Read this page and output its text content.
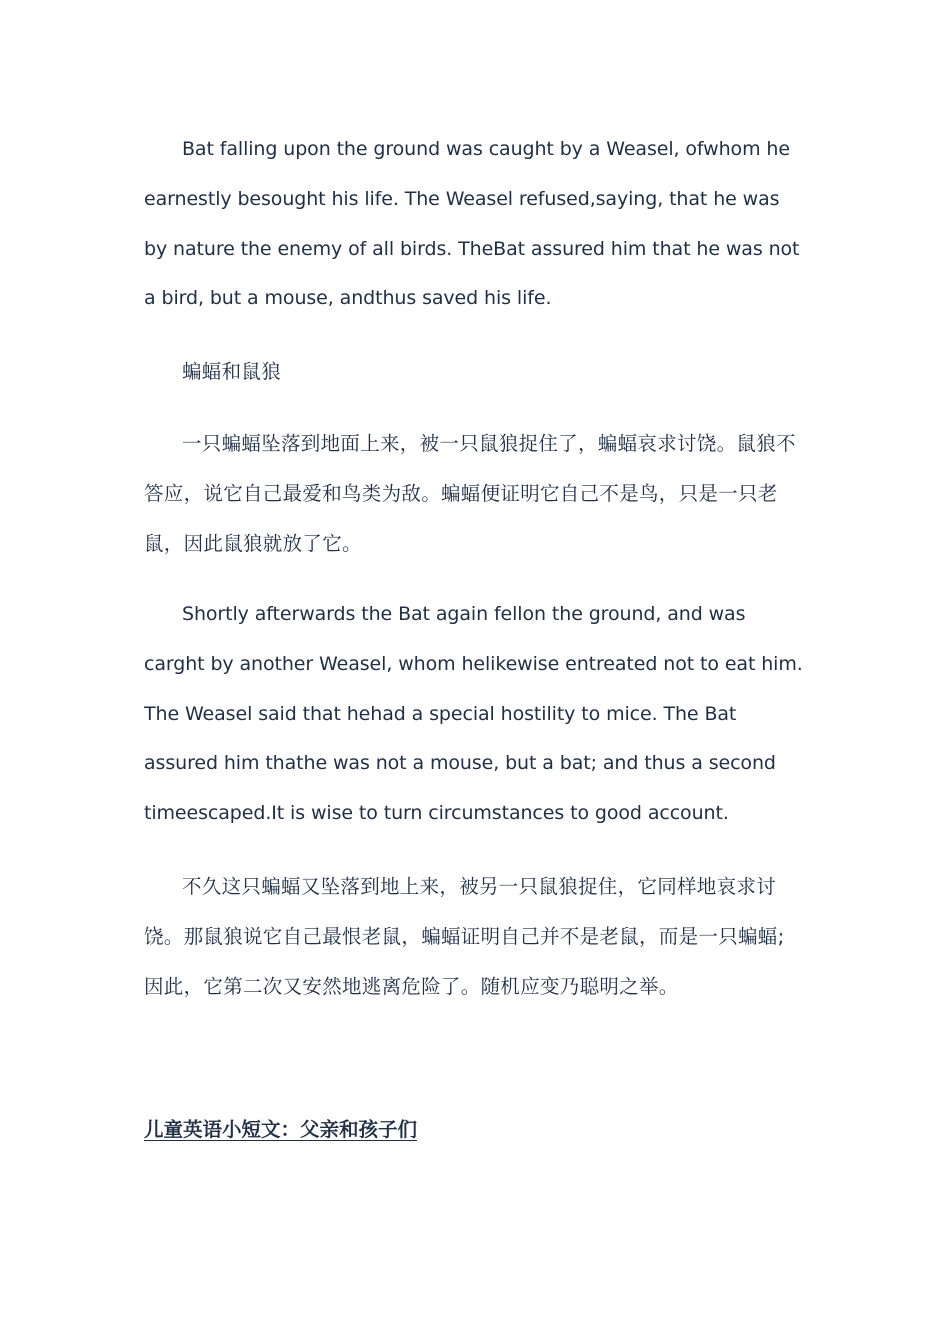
Bat falling upon the ground was caught by a Weasel, ofwhom he earnestly besought his life. The Weasel refused,saying, that he was by nature the enemy of all birds. TheBat assured him that he was not a bird, but a mouse, andthus saved his life.

蝙蝠和鼠狼

一只蝙蝠坠落到地面上来，被一只鼠狼捉住了，蝙蝠哀求讨饶。鼠狼不答应，说它自己最爱和鸟类为敌。蝙蝠便证明它自己不是鸟，只是一只老鼠，因此鼠狼就放了它。

Shortly afterwards the Bat again fellon the ground, and was carght by another Weasel, whom helikewise entreated not to eat him. The Weasel said that hehad a special hostility to mice. The Bat assured him thathe was not a mouse, but a bat; and thus a second timeescaped.It is wise to turn circumstances to good account.

不久这只蝙蝠又坠落到地上来，被另一只鼠狼捉住，它同样地哀求讨饶。那鼠狼说它自己最恨老鼠，蝙蝠证明自己并不是老鼠，而是一只蝙蝠;因此，它第二次又安然地逃离危险了。随机应变乃聪明之举。

儿童英语小短文：父亲和孩子们
